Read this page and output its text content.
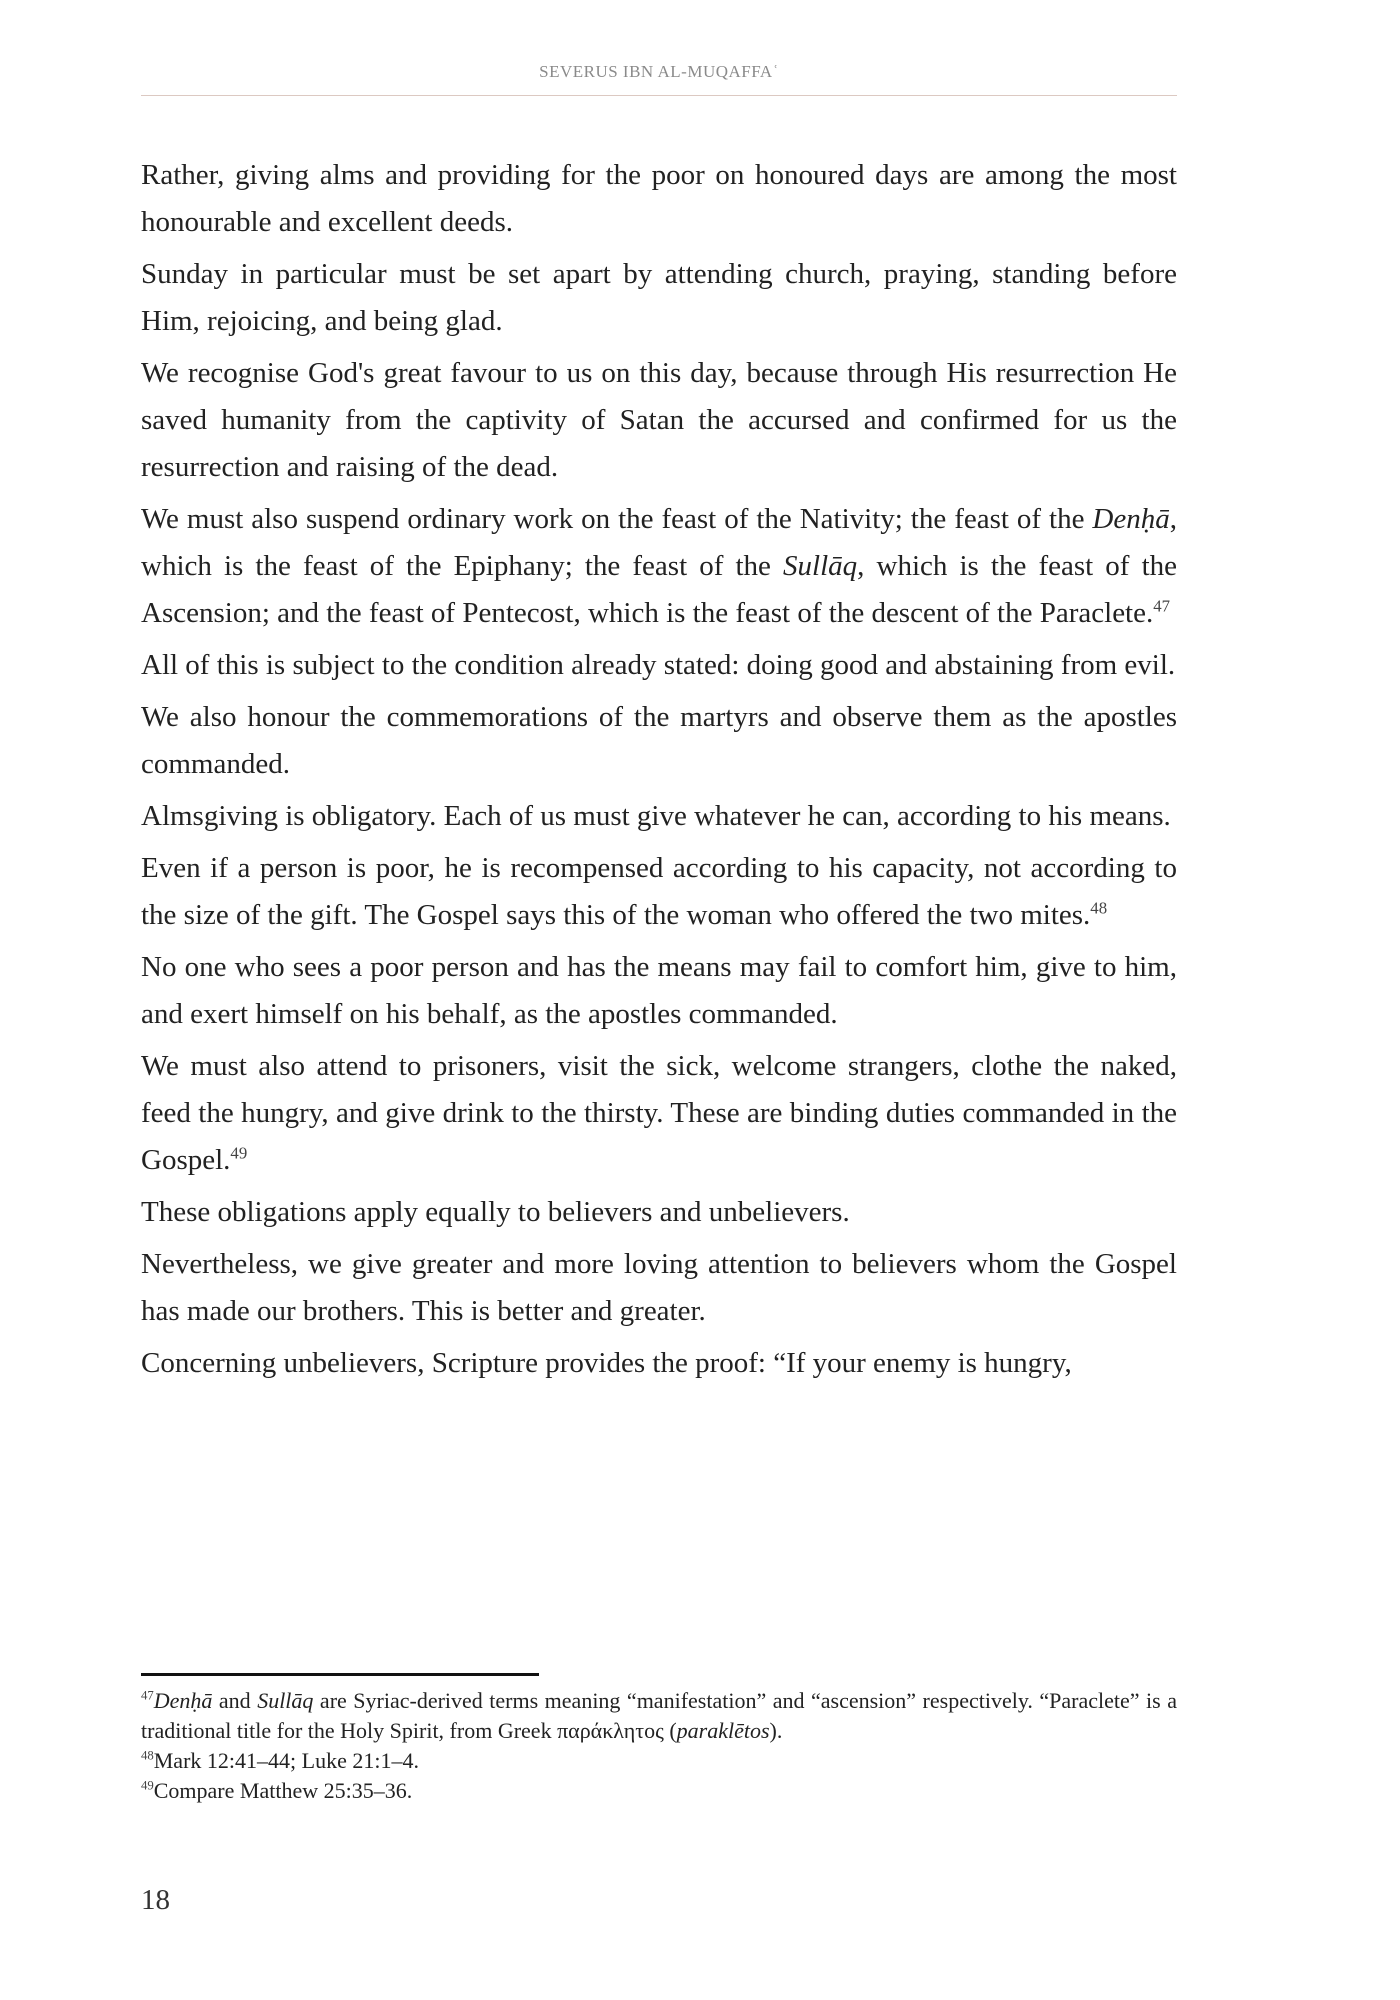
SEVERUS IBN AL-MUQAFFAʿ

Rather, giving alms and providing for the poor on honoured days are among the most honourable and excellent deeds.

Sunday in particular must be set apart by attending church, praying, standing before Him, rejoicing, and being glad.

We recognise God's great favour to us on this day, because through His resurrection He saved humanity from the captivity of Satan the accursed and confirmed for us the resurrection and raising of the dead.

We must also suspend ordinary work on the feast of the Nativity; the feast of the Denḥā, which is the feast of the Epiphany; the feast of the Sullāq, which is the feast of the Ascension; and the feast of Pentecost, which is the feast of the descent of the Paraclete.$^{47}$

All of this is subject to the condition already stated: doing good and abstaining from evil.

We also honour the commemorations of the martyrs and observe them as the apostles commanded.

Almsgiving is obligatory. Each of us must give whatever he can, according to his means.

Even if a person is poor, he is recompensed according to his capacity, not according to the size of the gift. The Gospel says this of the woman who offered the two mites.$^{48}$

No one who sees a poor person and has the means may fail to comfort him, give to him, and exert himself on his behalf, as the apostles commanded.

We must also attend to prisoners, visit the sick, welcome strangers, clothe the naked, feed the hungry, and give drink to the thirsty. These are binding duties commanded in the Gospel.$^{49}$

These obligations apply equally to believers and unbelievers.

Nevertheless, we give greater and more loving attention to believers whom the Gospel has made our brothers. This is better and greater.

Concerning unbelievers, Scripture provides the proof: “If your enemy is hungry,

$^{47}$Denḥā and Sullāq are Syriac-derived terms meaning “manifestation” and “ascension” respectively. “Paraclete” is a traditional title for the Holy Spirit, from Greek παράκλητος (paraklētos).

$^{48}$Mark 12:41–44; Luke 21:1–4.

$^{49}$Compare Matthew 25:35–36.

18
